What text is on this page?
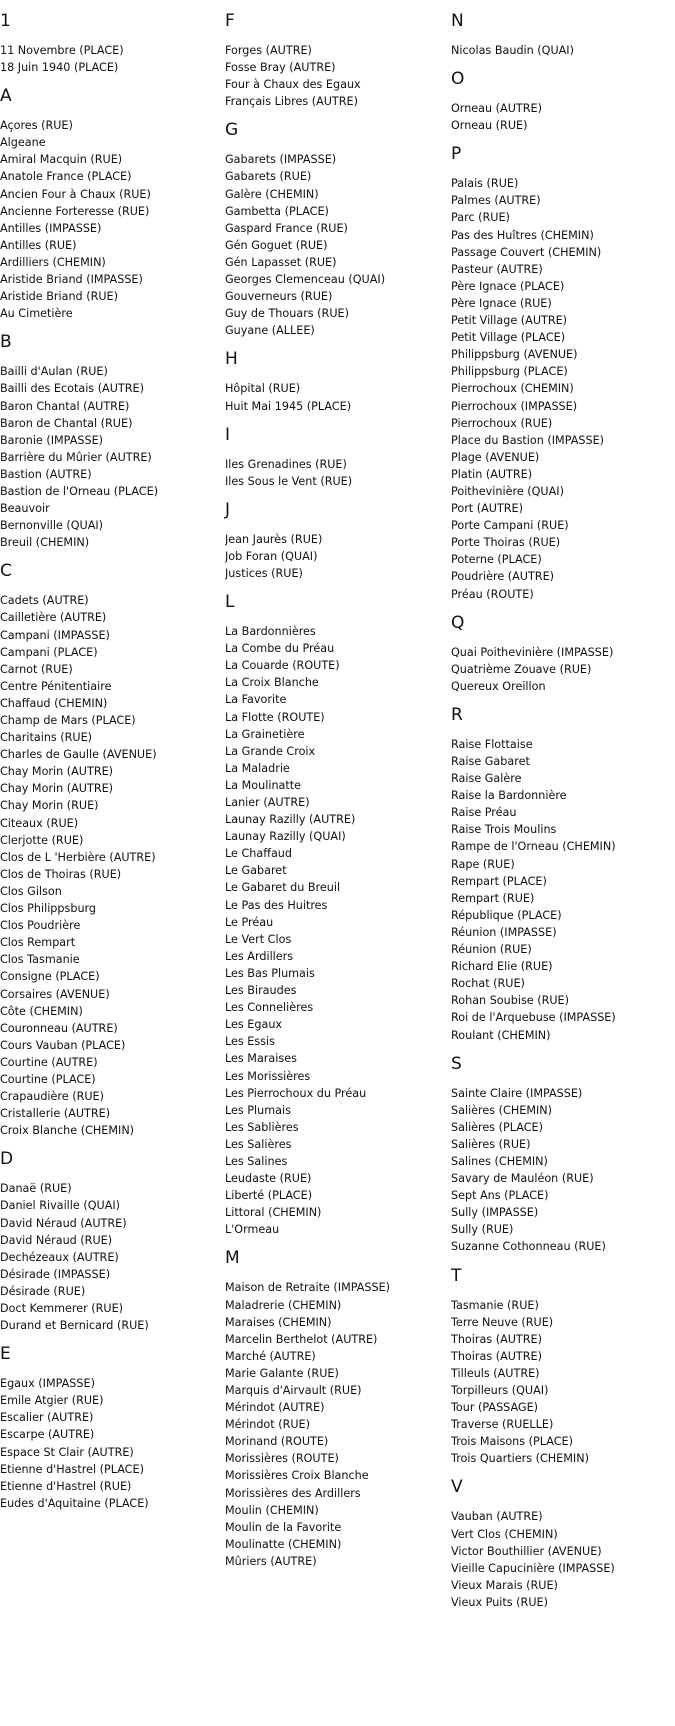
1
11 Novembre (PLACE)
18 Juin 1940 (PLACE)
A
Açores (RUE)
Algeane
Amiral Macquin (RUE)
Anatole France (PLACE)
Ancien Four à Chaux (RUE)
Ancienne Forteresse (RUE)
Antilles (IMPASSE)
Antilles (RUE)
Ardilliers (CHEMIN)
Aristide Briand (IMPASSE)
Aristide Briand (RUE)
Au Cimetière
B
Bailli d'Aulan (RUE)
Bailli des Ecotais (AUTRE)
Baron Chantal (AUTRE)
Baron de Chantal (RUE)
Baronie (IMPASSE)
Barrière du Mûrier (AUTRE)
Bastion (AUTRE)
Bastion de l'Orneau (PLACE)
Beauvoir
Bernonville (QUAI)
Breuil (CHEMIN)
C
Cadets (AUTRE)
Cailletière (AUTRE)
Campani (IMPASSE)
Campani (PLACE)
Carnot (RUE)
Centre Pénitentiaire
Chaffaud (CHEMIN)
Champ de Mars (PLACE)
Charitains (RUE)
Charles de Gaulle (AVENUE)
Chay Morin (AUTRE)
Chay Morin (AUTRE)
Chay Morin (RUE)
Citeaux (RUE)
Clerjotte (RUE)
Clos de L 'Herbière (AUTRE)
Clos de Thoiras (RUE)
Clos Gilson
Clos Philippsburg
Clos Poudrière
Clos Rempart
Clos Tasmanie
Consigne (PLACE)
Corsaires (AVENUE)
Côte (CHEMIN)
Couronneau (AUTRE)
Cours Vauban (PLACE)
Courtine (AUTRE)
Courtine (PLACE)
Crapaudière (RUE)
Cristallerie (AUTRE)
Croix Blanche (CHEMIN)
D
Danaë (RUE)
Daniel Rivaille (QUAI)
David Néraud (AUTRE)
David Néraud (RUE)
Dechézeaux (AUTRE)
Désirade (IMPASSE)
Désirade (RUE)
Doct Kemmerer (RUE)
Durand et Bernicard (RUE)
E
Egaux (IMPASSE)
Emile Atgier (RUE)
Escalier (AUTRE)
Escarpe (AUTRE)
Espace St Clair (AUTRE)
Etienne d'Hastrel (PLACE)
Etienne d'Hastrel (RUE)
Eudes d'Aquitaine (PLACE)
F
Forges (AUTRE)
Fosse Bray (AUTRE)
Four à Chaux des Egaux
Français Libres (AUTRE)
G
Gabarets (IMPASSE)
Gabarets (RUE)
Galère (CHEMIN)
Gambetta (PLACE)
Gaspard France (RUE)
Gén Goguet (RUE)
Gén Lapasset (RUE)
Georges Clemenceau (QUAI)
Gouverneurs (RUE)
Guy de Thouars (RUE)
Guyane (ALLEE)
H
Hôpital (RUE)
Huit Mai 1945 (PLACE)
I
Iles Grenadines (RUE)
Iles Sous le Vent (RUE)
J
Jean Jaurès (RUE)
Job Foran (QUAI)
Justices (RUE)
L
La Bardonnières
La Combe du Préau
La Couarde (ROUTE)
La Croix Blanche
La Favorite
La Flotte (ROUTE)
La Grainetière
La Grande Croix
La Maladrie
La Moulinatte
Lanier (AUTRE)
Launay Razilly (AUTRE)
Launay Razilly (QUAI)
Le Chaffaud
Le Gabaret
Le Gabaret du Breuil
Le Pas des Huitres
Le Préau
Le Vert Clos
Les Ardillers
Les Bas Plumais
Les Biraudes
Les Connelières
Les Egaux
Les Essis
Les Maraises
Les Morissières
Les Pierrochoux du Préau
Les Plumais
Les Sablières
Les Salières
Les Salines
Leudaste (RUE)
Liberté (PLACE)
Littoral (CHEMIN)
L'Ormeau
M
Maison de Retraite (IMPASSE)
Maladrerie (CHEMIN)
Maraises (CHEMIN)
Marcelin Berthelot (AUTRE)
Marché (AUTRE)
Marie Galante (RUE)
Marquis d'Airvault (RUE)
Mérindot (AUTRE)
Mérindot (RUE)
Morinand (ROUTE)
Morissières (ROUTE)
Morissières Croix Blanche
Morissières des Ardillers
Moulin (CHEMIN)
Moulin de la Favorite
Moulinatte (CHEMIN)
Mûriers (AUTRE)
N
Nicolas Baudin (QUAI)
O
Orneau (AUTRE)
Orneau (RUE)
P
Palais (RUE)
Palmes (AUTRE)
Parc (RUE)
Pas des Huîtres (CHEMIN)
Passage Couvert (CHEMIN)
Pasteur (AUTRE)
Père Ignace (PLACE)
Père Ignace (RUE)
Petit Village (AUTRE)
Petit Village (PLACE)
Philippsburg (AVENUE)
Philippsburg (PLACE)
Pierrochoux (CHEMIN)
Pierrochoux (IMPASSE)
Pierrochoux (RUE)
Place du Bastion (IMPASSE)
Plage (AVENUE)
Platin (AUTRE)
Poithevinière (QUAI)
Port (AUTRE)
Porte Campani (RUE)
Porte Thoiras (RUE)
Poterne (PLACE)
Poudrière (AUTRE)
Préau (ROUTE)
Q
Quai Poithevinière (IMPASSE)
Quatrième Zouave (RUE)
Quereux Oreillon
R
Raise Flottaise
Raise Gabaret
Raise Galère
Raise la Bardonnière
Raise Préau
Raise Trois Moulins
Rampe de l'Orneau (CHEMIN)
Rape (RUE)
Rempart (PLACE)
Rempart (RUE)
République (PLACE)
Réunion (IMPASSE)
Réunion (RUE)
Richard Elie (RUE)
Rochat (RUE)
Rohan Soubise (RUE)
Roi de l'Arquebuse (IMPASSE)
Roulant (CHEMIN)
S
Sainte Claire (IMPASSE)
Salières (CHEMIN)
Salières (PLACE)
Salières (RUE)
Salines (CHEMIN)
Savary de Mauléon (RUE)
Sept Ans (PLACE)
Sully (IMPASSE)
Sully (RUE)
Suzanne Cothonneau (RUE)
T
Tasmanie (RUE)
Terre Neuve (RUE)
Thoiras (AUTRE)
Thoiras (AUTRE)
Tilleuls (AUTRE)
Torpilleurs (QUAI)
Tour (PASSAGE)
Traverse (RUELLE)
Trois Maisons (PLACE)
Trois Quartiers (CHEMIN)
V
Vauban (AUTRE)
Vert Clos (CHEMIN)
Victor Bouthillier (AVENUE)
Vieille Capucinière (IMPASSE)
Vieux Marais (RUE)
Vieux Puits (RUE)
